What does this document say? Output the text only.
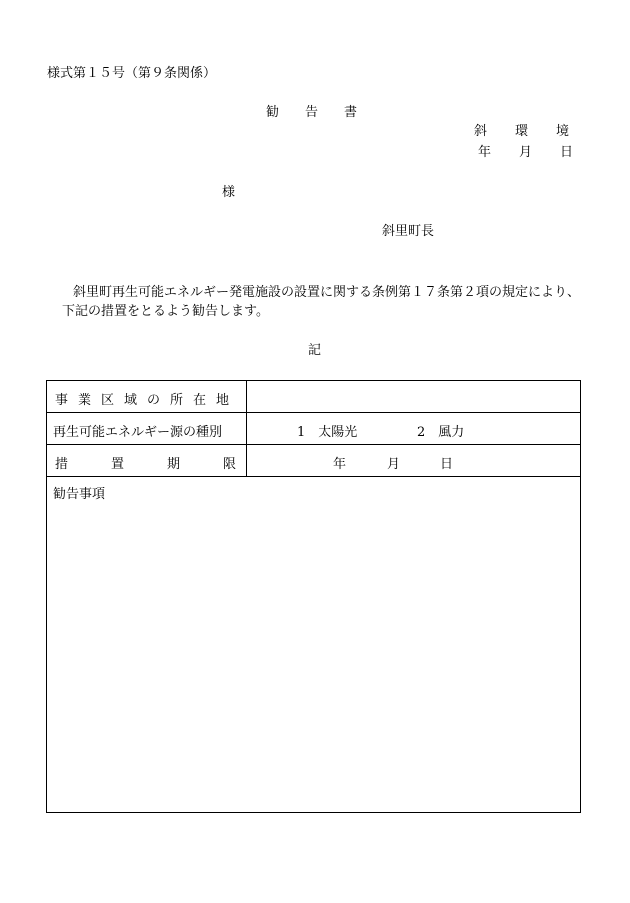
様式第１５号（第９条関係）
勧 告 書
斜 環 境
年 月 日
様
斜里町長
斜里町再生可能エネルギー発電施設の設置に関する条例第１７条第２項の規定により、
下記の措置をとるよう勧告します。
記
事業区域の所在地
再生可能エネルギー源の種別	1　太陽光	2　風力
措置期限	年	月	日
勧告事項
